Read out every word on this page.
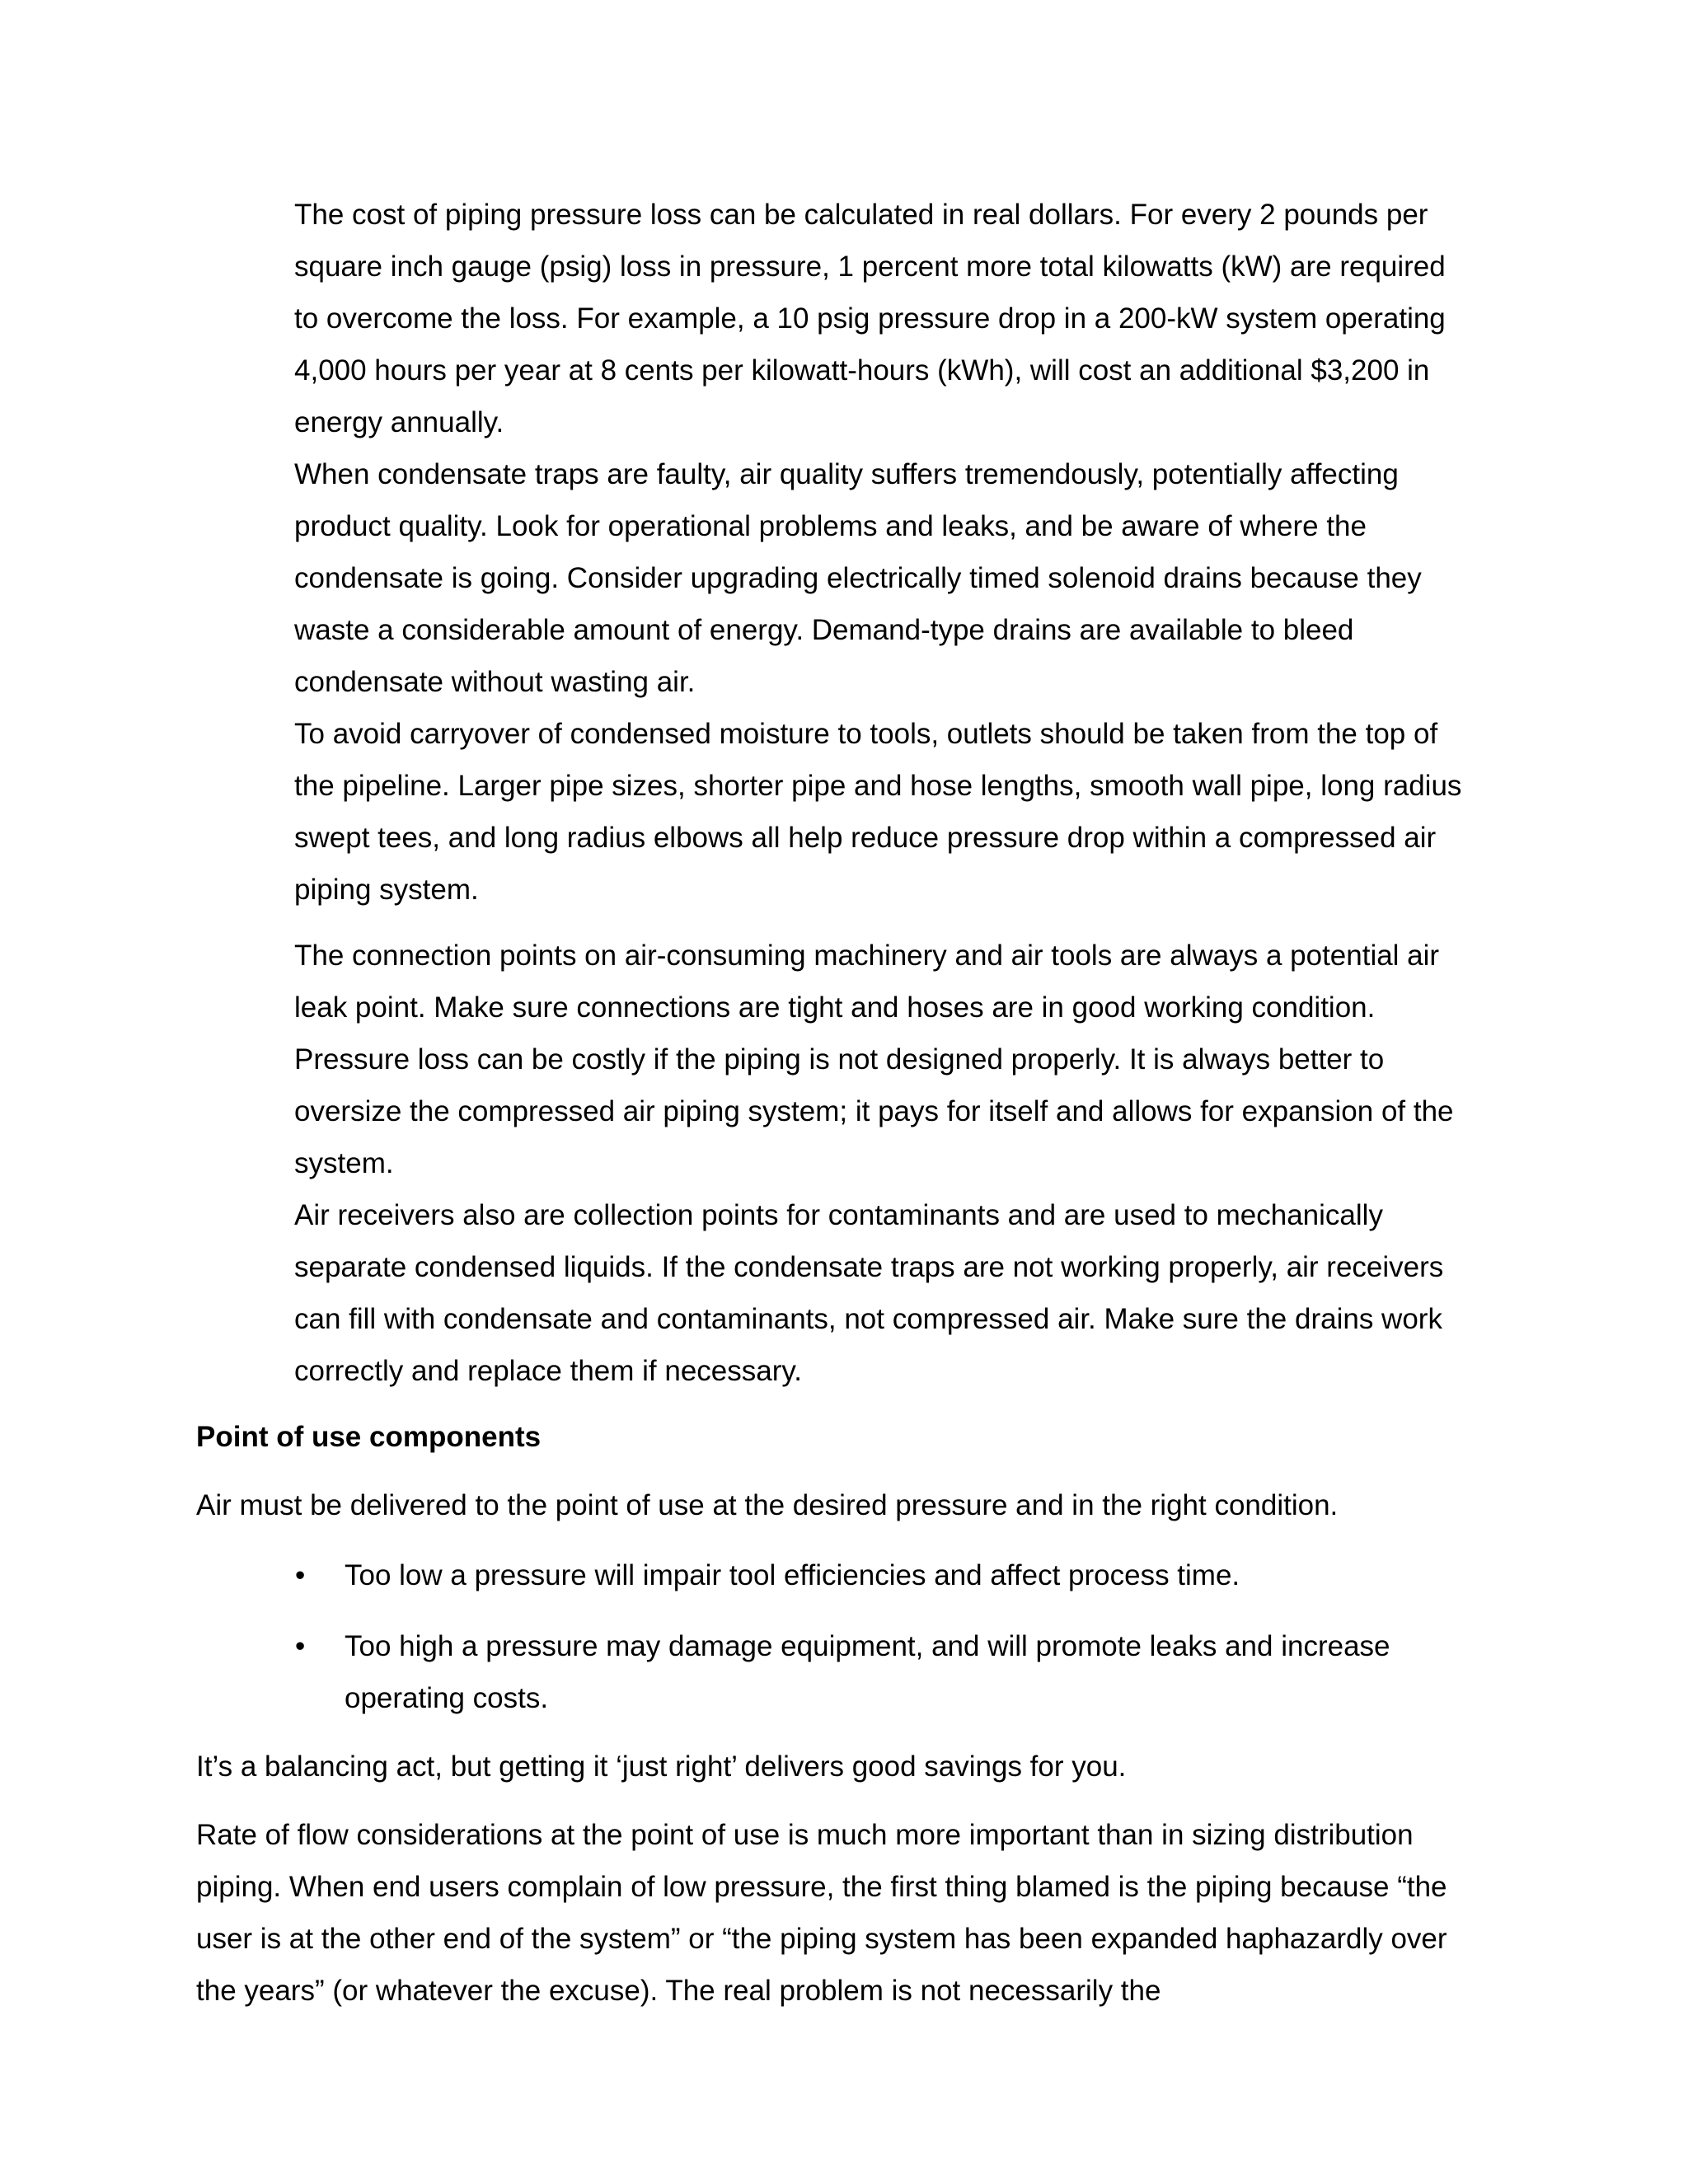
The cost of piping pressure loss can be calculated in real dollars. For every 2 pounds per square inch gauge (psig) loss in pressure, 1 percent more total kilowatts (kW) are required to overcome the loss. For example, a 10 psig pressure drop in a 200-kW system operating 4,000 hours per year at 8 cents per kilowatt-hours (kWh), will cost an additional $3,200 in energy annually.

When condensate traps are faulty, air quality suffers tremendously, potentially affecting product quality. Look for operational problems and leaks, and be aware of where the condensate is going. Consider upgrading electrically timed solenoid drains because they waste a considerable amount of energy. Demand-type drains are available to bleed condensate without wasting air.

To avoid carryover of condensed moisture to tools, outlets should be taken from the top of the pipeline. Larger pipe sizes, shorter pipe and hose lengths, smooth wall pipe, long radius swept tees, and long radius elbows all help reduce pressure drop within a compressed air piping system.

The connection points on air-consuming machinery and air tools are always a potential air leak point. Make sure connections are tight and hoses are in good working condition. Pressure loss can be costly if the piping is not designed properly. It is always better to oversize the compressed air piping system; it pays for itself and allows for expansion of the system.

Air receivers also are collection points for contaminants and are used to mechanically separate condensed liquids. If the condensate traps are not working properly, air receivers can fill with condensate and contaminants, not compressed air. Make sure the drains work correctly and replace them if necessary.

Point of use components

Air must be delivered to the point of use at the desired pressure and in the right condition.

• Too low a pressure will impair tool efficiencies and affect process time.
• Too high a pressure may damage equipment, and will promote leaks and increase operating costs.

It’s a balancing act, but getting it ‘just right’ delivers good savings for you.

Rate of flow considerations at the point of use is much more important than in sizing distribution piping. When end users complain of low pressure, the first thing blamed is the piping because “the user is at the other end of the system” or “the piping system has been expanded haphazardly over the years” (or whatever the excuse). The real problem is not necessarily the
